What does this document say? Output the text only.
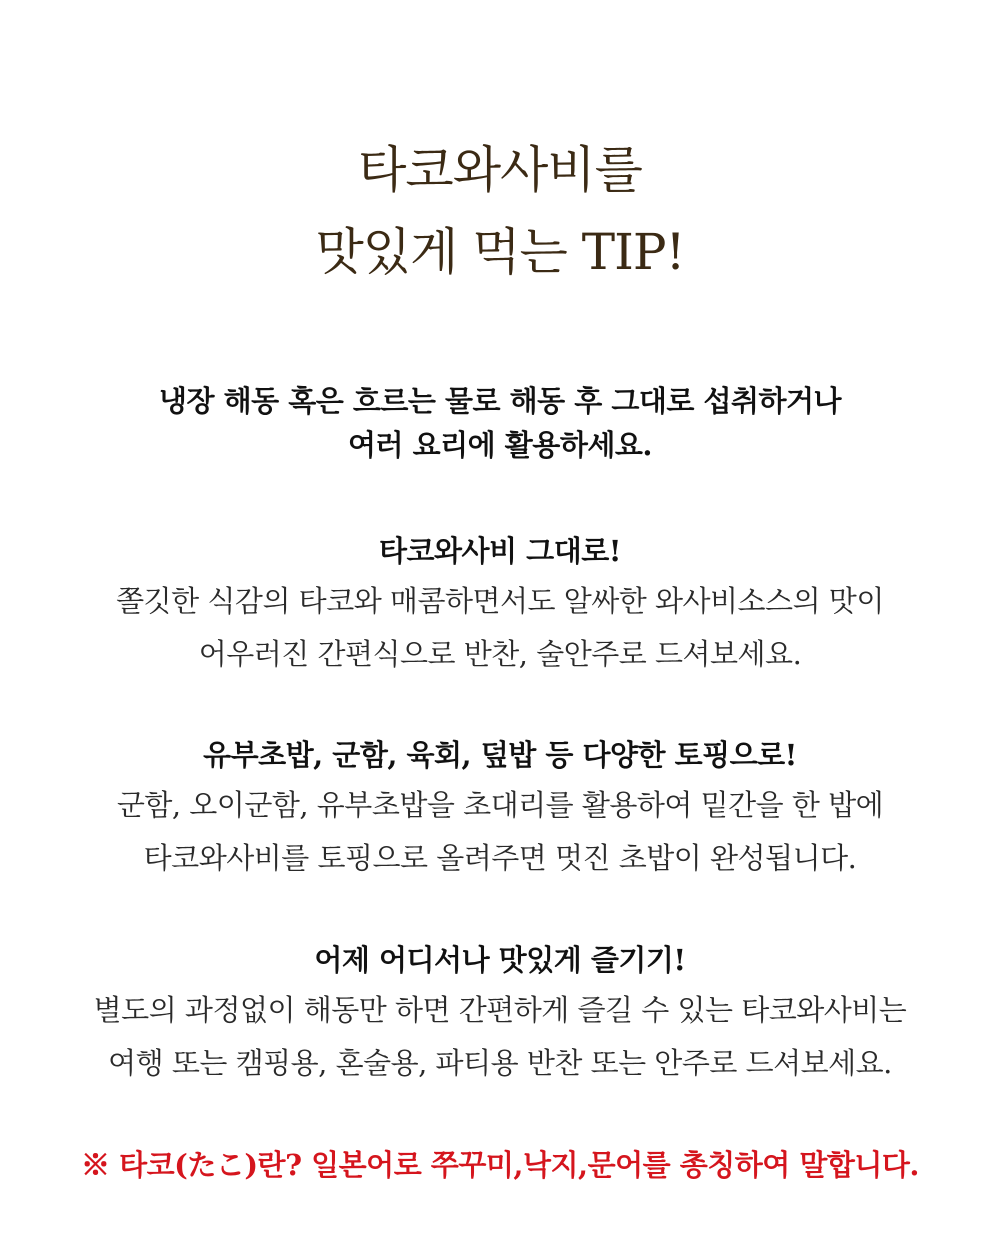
타코와사비를
맛있게 먹는 TIP!

냉장 해동 혹은 흐르는 물로 해동 후 그대로 섭취하거나

여러 요리에 활용하세요.

타코와사비 그대로!

쫄깃한 식감의 타코와 매콤하면서도 알싸한 와사비소스의 맛이

어우러진 간편식으로 반찬, 술안주로 드셔보세요.

유부초밥, 군함, 육회, 덮밥 등 다양한 토핑으로!

군함, 오이군함, 유부초밥을 초대리를 활용하여 밑간을 한 밥에

타코와사비를 토핑으로 올려주면 멋진 초밥이 완성됩니다.

어제 어디서나 맛있게 즐기기!

별도의 과정없이 해동만 하면 간편하게 즐길 수 있는 타코와사비는

여행 또는 캠핑용, 혼술용, 파티용 반찬 또는 안주로 드셔보세요.

※ 타코(たこ)란? 일본어로 쭈꾸미,낙지,문어를 총칭하여 말합니다.
